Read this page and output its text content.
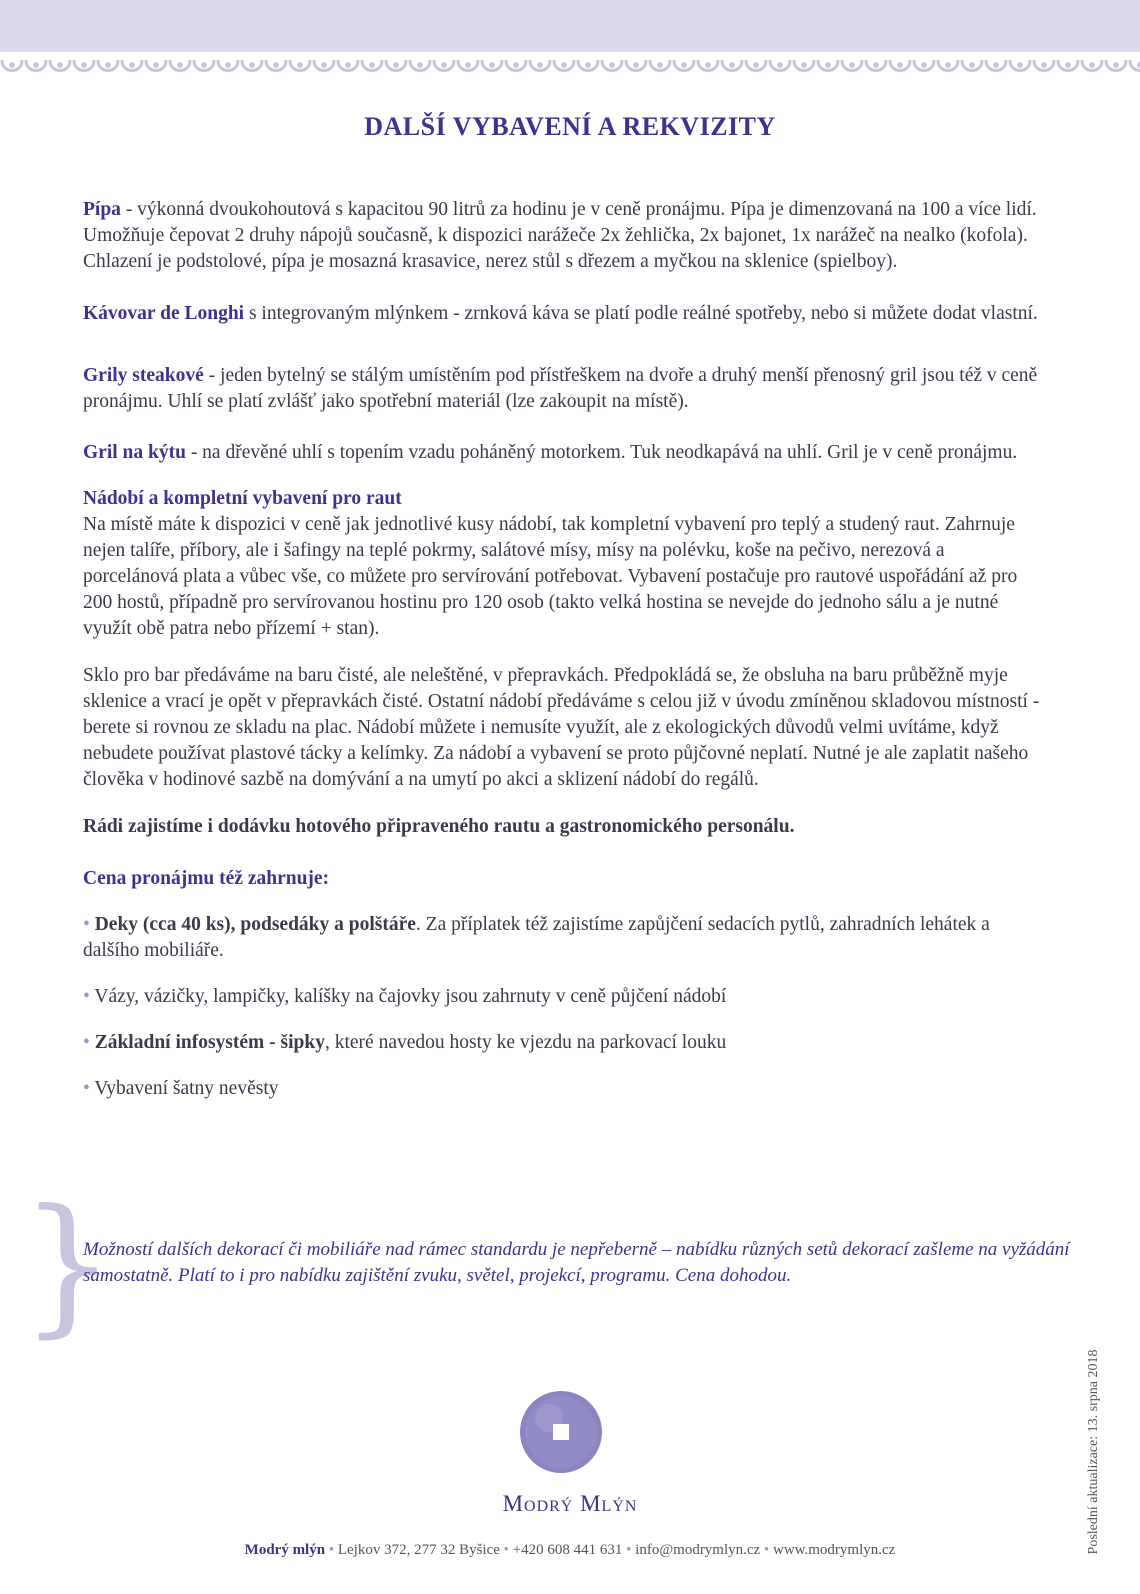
DALŠÍ VYBAVENÍ A REKVIZITY

Pípa - výkonná dvoukohoutová s kapacitou 90 litrů za hodinu je v ceně pronájmu. Pípa je dimenzovaná na 100 a více lidí. Umožňuje čepovat 2 druhy nápojů současně, k dispozici narážeče 2x žehlička, 2x bajonet, 1x narážeč na nealko (kofola). Chlazení je podstolové, pípa je mosazná krasavice, nerez stůl s dřezem a myčkou na sklenice (spielboy).

Kávovar de Longhi s integrovaným mlýnkem - zrnková káva se platí podle reálné spotřeby, nebo si můžete dodat vlastní.

Grily steakové - jeden bytelný se stálým umístěním pod přístřeškem na dvoře a druhý menší přenosný gril jsou též v ceně pronájmu. Uhlí se platí zvlášť jako spotřební materiál (lze zakoupit na místě).

Gril na kýtu - na dřevěné uhlí s topením vzadu poháněný motorkem. Tuk neodkapává na uhlí. Gril je v ceně pronájmu.

Nádobí a kompletní vybavení pro raut

Na místě máte k dispozici v ceně jak jednotlivé kusy nádobí, tak kompletní vybavení pro teplý a studený raut. Zahrnuje nejen talíře, příbory, ale i šafingy na teplé pokrmy, salátové mísy, mísy na polévku, koše na pečivo, nerezová a porcelánová plata a vůbec vše, co můžete pro servírování potřebovat. Vybavení postačuje pro rautové uspořádání až pro 200 hostů, případně pro servírovanou hostinu pro 120 osob (takto velká hostina se nevejde do jednoho sálu a je nutné využít obě patra nebo přízemí + stan).

Sklo pro bar předáváme na baru čisté, ale neleštěné, v přepravkách. Předpokládá se, že obsluha na baru průběžně myje sklenice a vrací je opět v přepravkách čisté. Ostatní nádobí předáváme s celou již v úvodu zmíněnou skladovou místností - berete si rovnou ze skladu na plac. Nádobí můžete i nemusíte využít, ale z ekologických důvodů velmi uvítáme, když nebudete používat plastové tácky a kelímky. Za nádobí a vybavení se proto půjčovné neplatí. Nutné je ale zaplatit našeho člověka v hodinové sazbě na domývání a na umytí po akci a sklizení nádobí do regálů.

Rádi zajistíme i dodávku hotového připraveného rautu a gastronomického personálu.

Cena pronájmu též zahrnuje:

• Deky (cca 40 ks), podsedáky a polštáře. Za příplatek též zajistíme zapůjčení sedacích pytlů, zahradních lehátek a dalšího mobiliáře.

• Vázy, vázičky, lampičky, kalíšky na čajovky jsou zahrnuty v ceně půjčení nádobí

• Základní infosystém - šipky, které navedou hosty ke vjezdu na parkovací louku

• Vybavení šatny nevěsty

}
Možností dalších dekorací či mobiliáře nad rámec standardu je nepřeberně – nabídku různých setů dekorací zašleme na vyžádání samostatně. Platí to i pro nabídku zajištění zvuku, světel, projekcí, programu. Cena dohodou.
Poslední aktualizace: 13. srpna 2018
Modrý Mlýn
Modrý mlýn • Lejkov 372, 277 32 Byšice • +420 608 441 631 • info@modrymlyn.cz • www.modrymlyn.cz
